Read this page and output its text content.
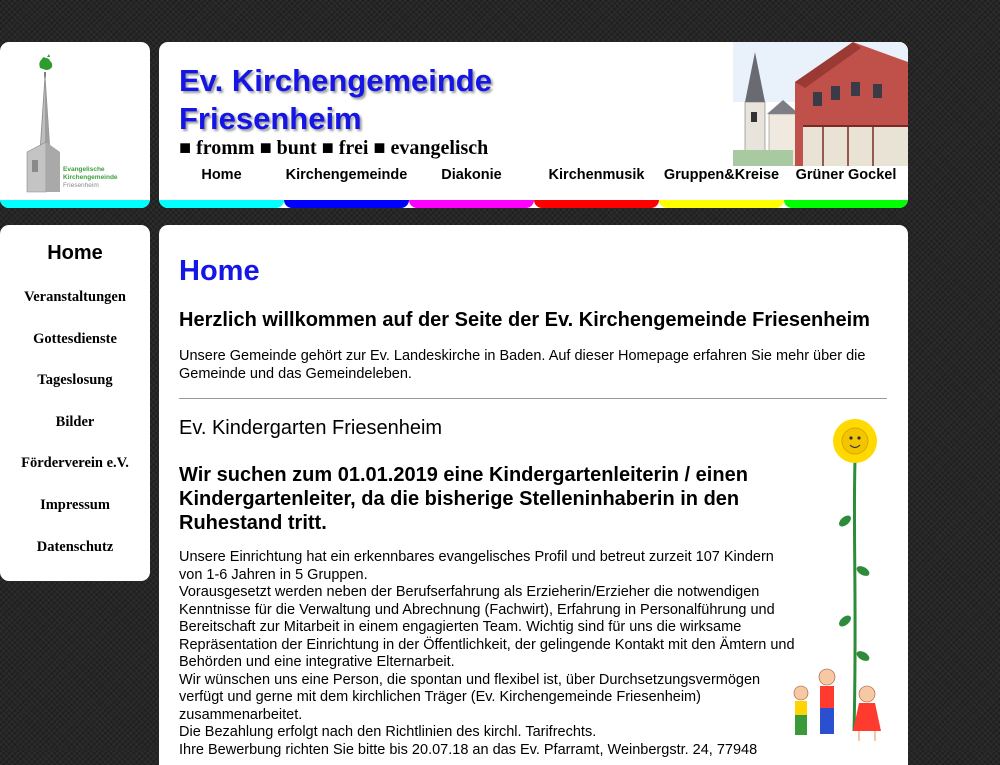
Evangelische
Kirchengemeinde
Friesenheim
Ev. Kirchengemeinde
Friesenheim
■ fromm ■ bunt ■ frei ■ evangelisch
Home	Kirchengemeinde	Diakonie	Kirchenmusik	Gruppen&Kreise	Grüner Gockel
Home
Veranstaltungen
Gottesdienste
Tageslosung
Bilder
Förderverein e.V.
Impressum
Datenschutz
Home
Herzlich willkommen auf der Seite der Ev. Kirchengemeinde Friesenheim
Unsere Gemeinde gehört zur Ev. Landeskirche in Baden. Auf dieser Homepage erfahren Sie mehr über die Gemeinde und das Gemeindeleben.
Ev. Kindergarten Friesenheim
Wir suchen zum 01.01.2019 eine Kindergartenleiterin / einen Kindergartenleiter, da die bisherige Stelleninhaberin in den Ruhestand tritt.

Unsere Einrichtung hat ein erkennbares evangelisches Profil und betreut zurzeit 107 Kindern von 1-6 Jahren in 5 Gruppen.

Vorausgesetzt werden neben der Berufserfahrung als Erzieherin/Erzieher die notwendigen Kenntnisse für die Verwaltung und Abrechnung (Fachwirt), Erfahrung in Personalführung und Bereitschaft zur Mitarbeit in einem engagierten Team. Wichtig sind für uns die wirksame Repräsentation der Einrichtung in der Öffentlichkeit, der gelingende Kontakt mit den Ämtern und Behörden und eine integrative Elternarbeit.

Wir wünschen uns eine Person, die spontan und flexibel ist, über Durchsetzungsvermögen verfügt und gerne mit dem kirchlichen Träger (Ev. Kirchengemeinde Friesenheim) zusammenarbeitet.

Die Bezahlung erfolgt nach den Richtlinien des kirchl. Tarifrechts.

Ihre Bewerbung richten Sie bitte bis 20.07.18 an das Ev. Pfarramt, Weinbergstr. 24, 77948
